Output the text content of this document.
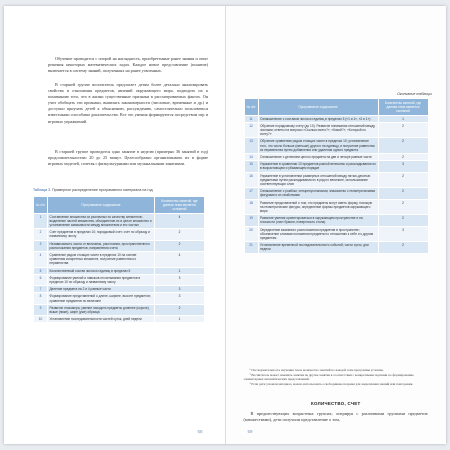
Обучение проводится с опорой на наглядность, приобретенные ранее знания и опыт решения некоторых математических задач. Каждое новое представление (понятие) включается в систему знаний, полученных на ранее усвоенных.

В старшей группе воспитатель предлагает детям более детально анализировать свойства и отношения предметов, явлений окружающего мира, подводить их к пониманию того, что в жизни существенные признаки в рассматриваемых фактах. Он учит обобщать эти признаки, выявлять закономерности (числовые, временные и др.) и доступно приучать детей к объяснению, рассуждению, самостоятельно пользоваться известными способами доказательства. Все это умения формируются посредством игр и игровых упражнений.

В старшей группе проводится одно занятие в неделю (примерно 36 занятий в год) продолжительностью 20 до 25 минут. Целесообразно организовывать их в форме игровых моделей, сочетая с физкультурными или музыкальными занятиями.

Таблица 3. Примерное распределение программного материала на год

№ п/п	Программное содержание	Количество занятий, где данная тема является основной
1	Составление множества из различных по качеству элементов; выделение частей множества, объединение их в целое множество и установление зависимости между множеством и его частью	4
2	Счет предметов в пределах 10; порядковый счет; счет по образцу и названному числу	2
3	Независимость числа от величины, расстояния, пространственного расположения предметов, направления счета	2
4	Сравнение рядом стоящих чисел в пределах 10 на основе сравнения конкретных множеств, получение равенства из неравенства	4
5	Количественный состав числа из единиц в пределах 5	1
6	Формирование умений и навыков отсчитывания предметов в пределах 10 по образцу и названному числу	3
7	Деление предмета на 2 и 4 равные части	3
8	Формирование представлений о длине, ширине, высоте предметов; сравнение предметов по величине	3
9	Развитие глазомера, умение находить предметы длиннее (короче), выше (ниже), шире (уже) образца	2
10	Установление последовательности частей суток, дней недели	1
58

Окончание таблицы

№ п/п	Программное содержание	Количество занятий, где данная тема является основной
11	Ознакомление с составом числа из единиц в пределах 5 («1 и 1», «2 и 1»)	1
12	Обучение порядковому счету (до 10). Развитие понимания отношений между числами; ответы на вопросы «Сколько всего?», «Какой?», «Который по счету?»	2
13	Обучение сравнению рядом стоящих чисел в пределах 10; установление того, что число больше (меньше) другого на единицу, и получение равенства из неравенства путем добавления или удаления одного предмета	2
14	Ознакомление с делением целого предмета на две и четыре равные части	2
15	Упражнение в сравнении 10 предметов разной величины и раскладывании их в возрастающем и убывающем порядке	3
16	Упражнение в установлении размерных отношений между пятью-десятью предметами путем раскладывания их в ряд по величине, использование соответствующих слов	2
17	Ознакомление с ромбом, четырехугольником; знакомство с геометрическими фигурами и их свойствами	2
18	Развитие представлений о том, что предметы могут иметь форму, похожую на геометрические фигуры; определение формы предметов окружающего мира	2
19	Развитие умения ориентироваться в окружающем пространстве и на плоскости (лист бумаги, поверхность стола)	2
20	Определение взаимного расположения предметов в пространстве; обозначение словами положения предмета по отношению к себе и к другим предметам	3
21	Установление временной последовательности событий; части суток, дни недели	2

¹ Последовательность изучения тем и количество занятий по каждой теме программы условны.

² Воспитатель может заменить занятия на другие занятия в соответствии с конкретными задачами по формированию элементарных математических представлений.

³ Если дети усвоили материал, можно использовать освободившееся время для закрепления знаний или повторения.

КОЛИЧЕСТВО, СЧЕТ

В предшествующих возрастных группах, оперируя с различными группами предметов (множествами), дети получили представление о том,

59
